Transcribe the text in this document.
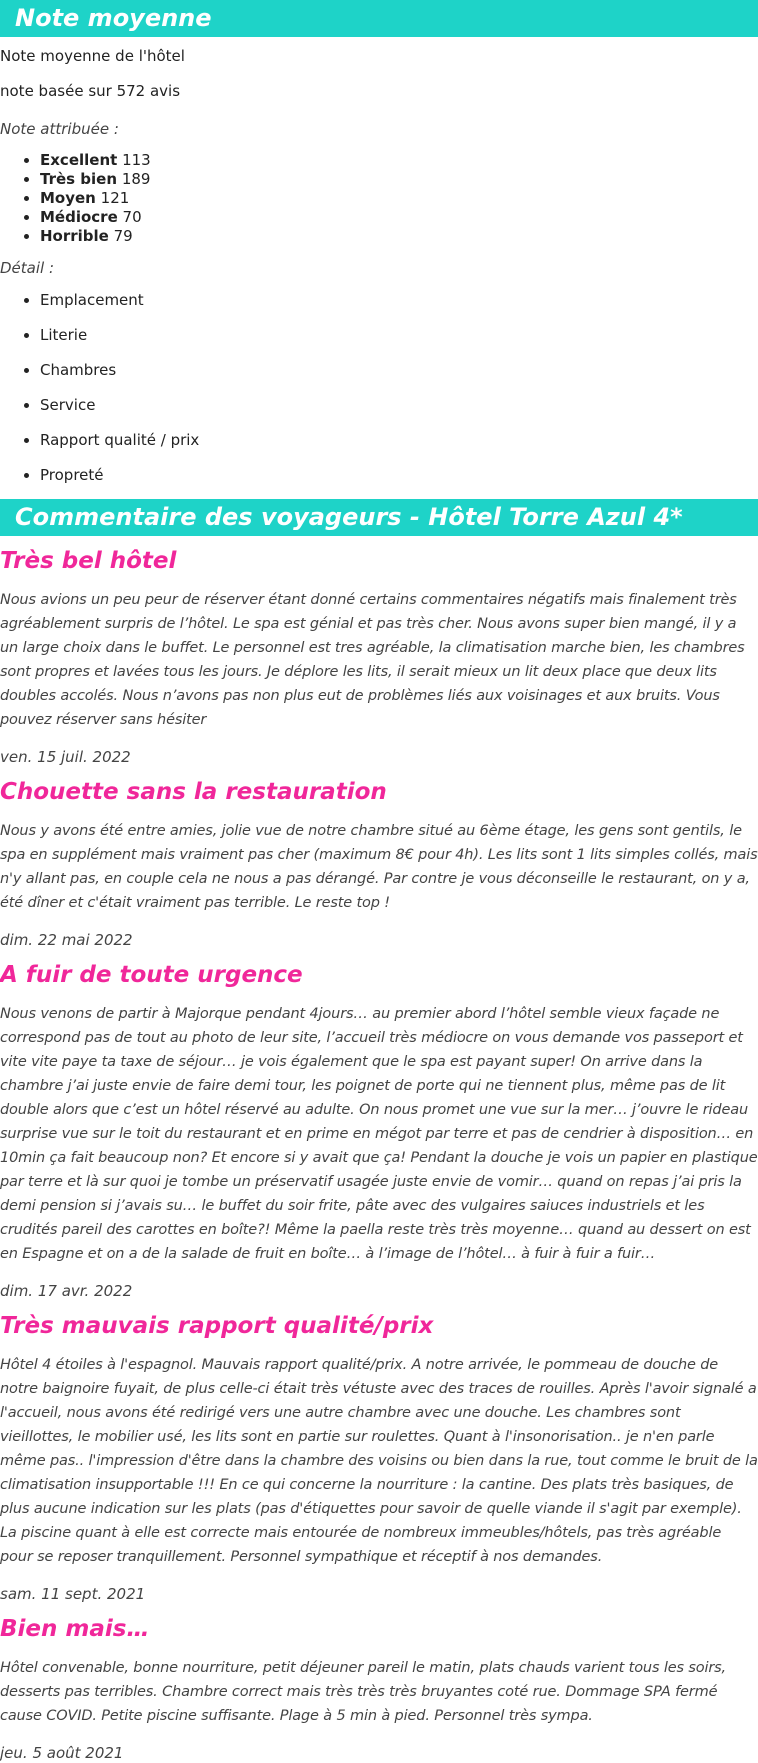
Note moyenne

Note moyenne de l'hôtel

note basée sur 572 avis

Note attribuée :

• Excellent 113
• Très bien 189
• Moyen 121
• Médiocre 70
• Horrible 79

Détail :

• Emplacement
• Literie
• Chambres
• Service
• Rapport qualité / prix
• Propreté
Commentaire des voyageurs - Hôtel Torre Azul 4*
Très bel hôtel

Nous avions un peu peur de réserver étant donné certains commentaires négatifs mais finalement très agréablement surpris de l’hôtel. Le spa est génial et pas très cher. Nous avons super bien mangé, il y a un large choix dans le buffet. Le personnel est tres agréable, la climatisation marche bien, les chambres sont propres et lavées tous les jours. Je déplore les lits, il serait mieux un lit deux place que deux lits doubles accolés. Nous n’avons pas non plus eut de problèmes liés aux voisinages et aux bruits. Vous pouvez réserver sans hésiter

ven. 15 juil. 2022

Chouette sans la restauration

Nous y avons été entre amies, jolie vue de notre chambre situé au 6ème étage, les gens sont gentils, le spa en supplément mais vraiment pas cher (maximum 8€ pour 4h). Les lits sont 1 lits simples collés, mais n'y allant pas, en couple cela ne nous a pas dérangé. Par contre je vous déconseille le restaurant, on y a, été dîner et c'était vraiment pas terrible. Le reste top !

dim. 22 mai 2022

A fuir de toute urgence

Nous venons de partir à Majorque pendant 4jours… au premier abord l’hôtel semble vieux façade ne correspond pas de tout au photo de leur site, l’accueil très médiocre on vous demande vos passeport et vite vite paye ta taxe de séjour… je vois également que le spa est payant super! On arrive dans la chambre j’ai juste envie de faire demi tour, les poignet de porte qui ne tiennent plus, même pas de lit double alors que c’est un hôtel réservé au adulte. On nous promet une vue sur la mer… j’ouvre le rideau surprise vue sur le toit du restaurant et en prime en mégot par terre et pas de cendrier à disposition… en 10min ça fait beaucoup non? Et encore si y avait que ça! Pendant la douche je vois un papier en plastique par terre et là sur quoi je tombe un préservatif usagée juste envie de vomir… quand on repas j’ai pris la demi pension si j’avais su… le buffet du soir frite, pâte avec des vulgaires saiuces industriels et les crudités pareil des carottes en boîte?! Même la paella reste très très moyenne… quand au dessert on est en Espagne et on a de la salade de fruit en boîte… à l’image de l’hôtel… à fuir à fuir a fuir…

dim. 17 avr. 2022

Très mauvais rapport qualité/prix

Hôtel 4 étoiles à l'espagnol. Mauvais rapport qualité/prix. A notre arrivée, le pommeau de douche de notre baignoire fuyait, de plus celle-ci était très vétuste avec des traces de rouilles. Après l'avoir signalé a l'accueil, nous avons été redirigé vers une autre chambre avec une douche. Les chambres sont vieillottes, le mobilier usé, les lits sont en partie sur roulettes. Quant à l'insonorisation.. je n'en parle même pas.. l'impression d'être dans la chambre des voisins ou bien dans la rue, tout comme le bruit de la climatisation insupportable !!! En ce qui concerne la nourriture : la cantine. Des plats très basiques, de plus aucune indication sur les plats (pas d'étiquettes pour savoir de quelle viande il s'agit par exemple). La piscine quant à elle est correcte mais entourée de nombreux immeubles/hôtels, pas très agréable pour se reposer tranquillement. Personnel sympathique et réceptif à nos demandes.

sam. 11 sept. 2021

Bien mais…

Hôtel convenable, bonne nourriture, petit déjeuner pareil le matin, plats chauds varient tous les soirs, desserts pas terribles. Chambre correct mais très très très bruyantes coté rue. Dommage SPA fermé cause COVID. Petite piscine suffisante. Plage à 5 min à pied. Personnel très sympa.

jeu. 5 août 2021
